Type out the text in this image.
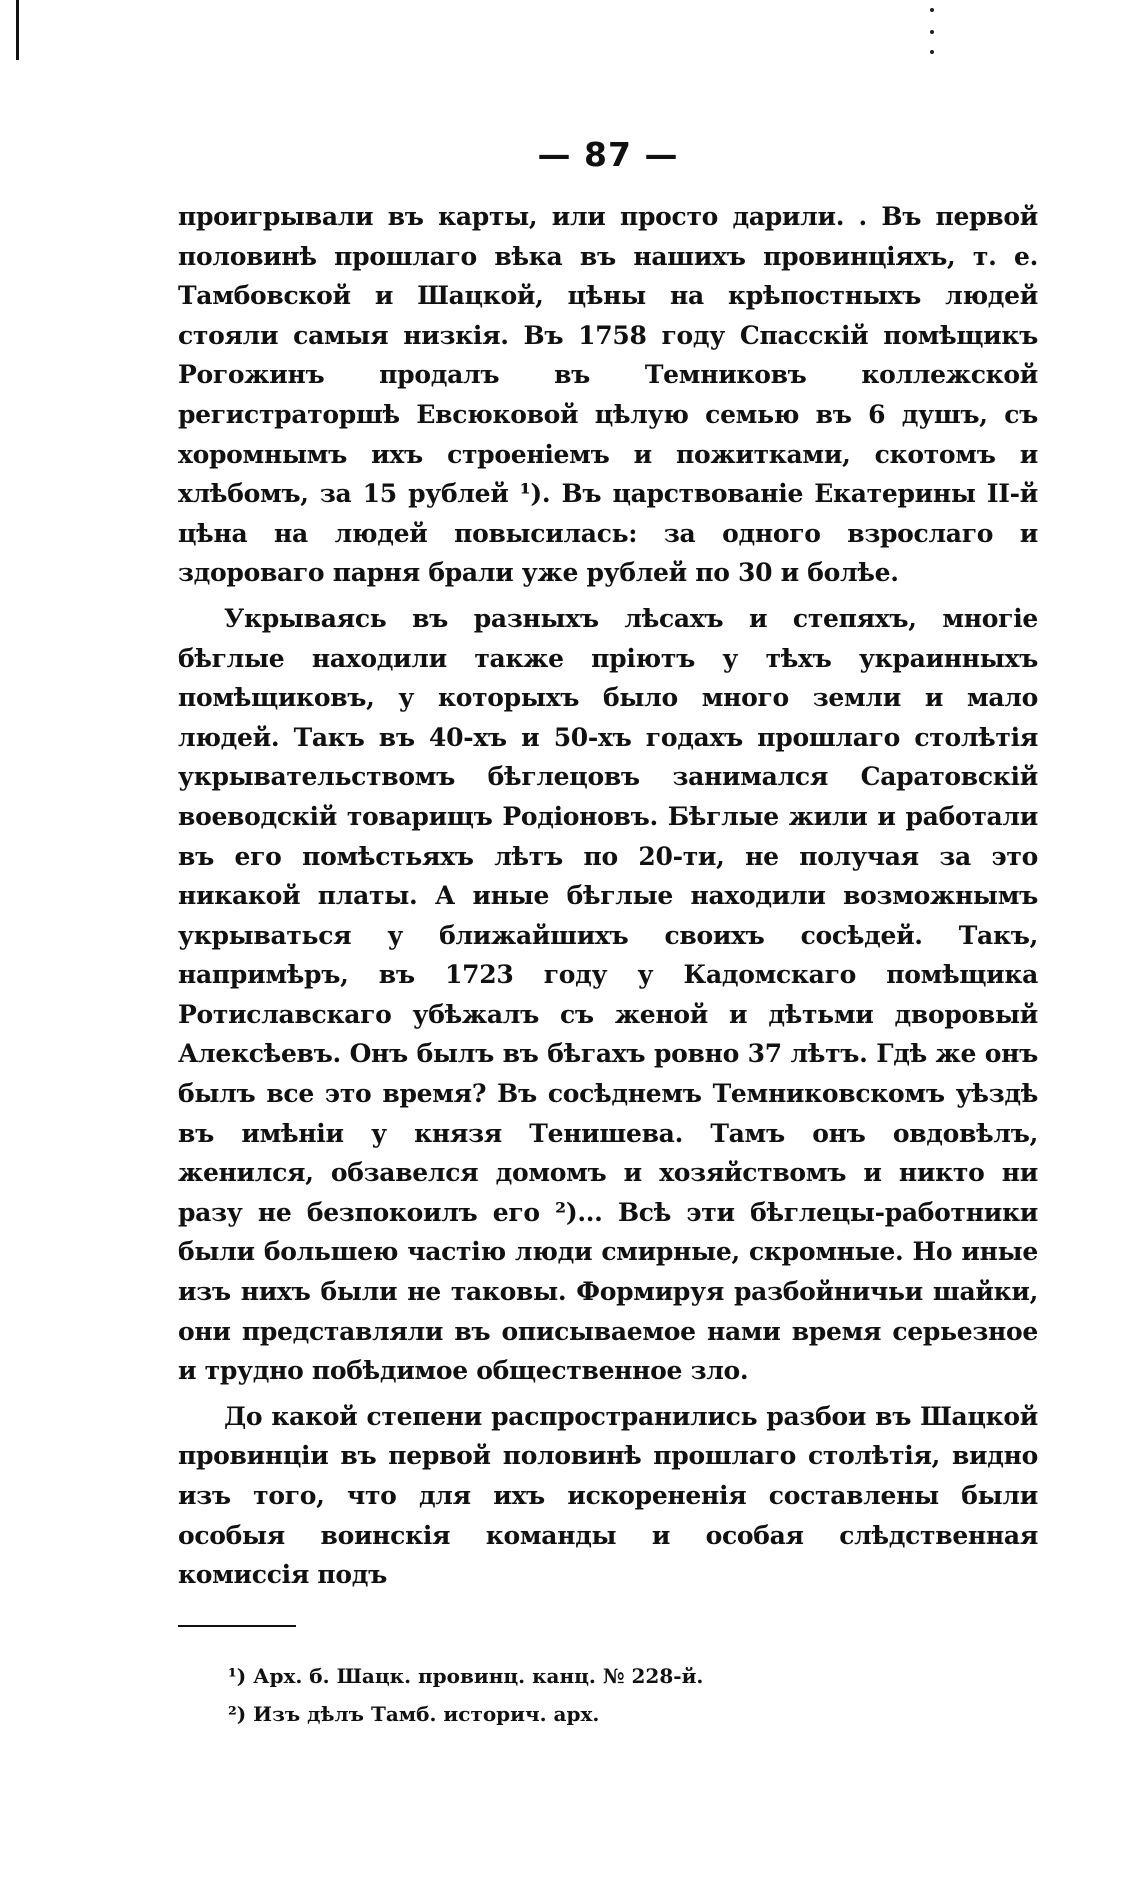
— 87 —

проигрывали въ карты, или просто дарили. . Въ первой половинѣ прошлаго вѣка въ нашихъ провинціяхъ, т. е. Тамбовской и Шацкой, цѣны на крѣпостныхъ людей стояли самыя низкія. Въ 1758 году Спасскій помѣщикъ Рогожинъ продалъ въ Темниковъ коллежской регистраторшѣ Евсюковой цѣлую семью въ 6 душъ, съ хоромнымъ ихъ строеніемъ и пожитками, скотомъ и хлѣбомъ, за 15 рублей ¹). Въ царствованіе Екатерины II-й цѣна на людей повысилась: за одного взрослаго и здороваго парня брали уже рублей по 30 и болѣе.

Укрываясь въ разныхъ лѣсахъ и степяхъ, многіе бѣглые находили также пріютъ у тѣхъ украинныхъ помѣщиковъ, у которыхъ было много земли и мало людей. Такъ въ 40-хъ и 50-хъ годахъ прошлаго столѣтія укрывательствомъ бѣглецовъ занимался Саратовскій воеводскій товарищъ Родіоновъ. Бѣглые жили и работали въ его помѣстьяхъ лѣтъ по 20-ти, не получая за это никакой платы. А иные бѣглые находили возможнымъ укрываться у ближайшихъ своихъ сосѣдей. Такъ, напримѣръ, въ 1723 году у Кадомскаго помѣщика Ротиславскаго убѣжалъ съ женой и дѣтьми дворовый Алексѣевъ. Онъ былъ въ бѣгахъ ровно 37 лѣтъ. Гдѣ же онъ былъ все это время? Въ сосѣднемъ Темниковскомъ уѣздѣ въ имѣніи у князя Тенишева. Тамъ онъ овдовѣлъ, женился, обзавелся домомъ и хозяйствомъ и никто ни разу не безпокоилъ его ²)... Всѣ эти бѣглецы-работники были большею частію люди смирные, скромные. Но иные изъ нихъ были не таковы. Формируя разбойничьи шайки, они представляли въ описываемое нами время серьезное и трудно побѣдимое общественное зло.

До какой степени распространились разбои въ Шацкой провинціи въ первой половинѣ прошлаго столѣтія, видно изъ того, что для ихъ искорененія составлены были особыя воинскія команды и особая слѣдственная комиссія подъ

¹) Арх. б. Шацк. провинц. канц. № 228-й.
²) Изъ дѣлъ Тамб. историч. арх.
